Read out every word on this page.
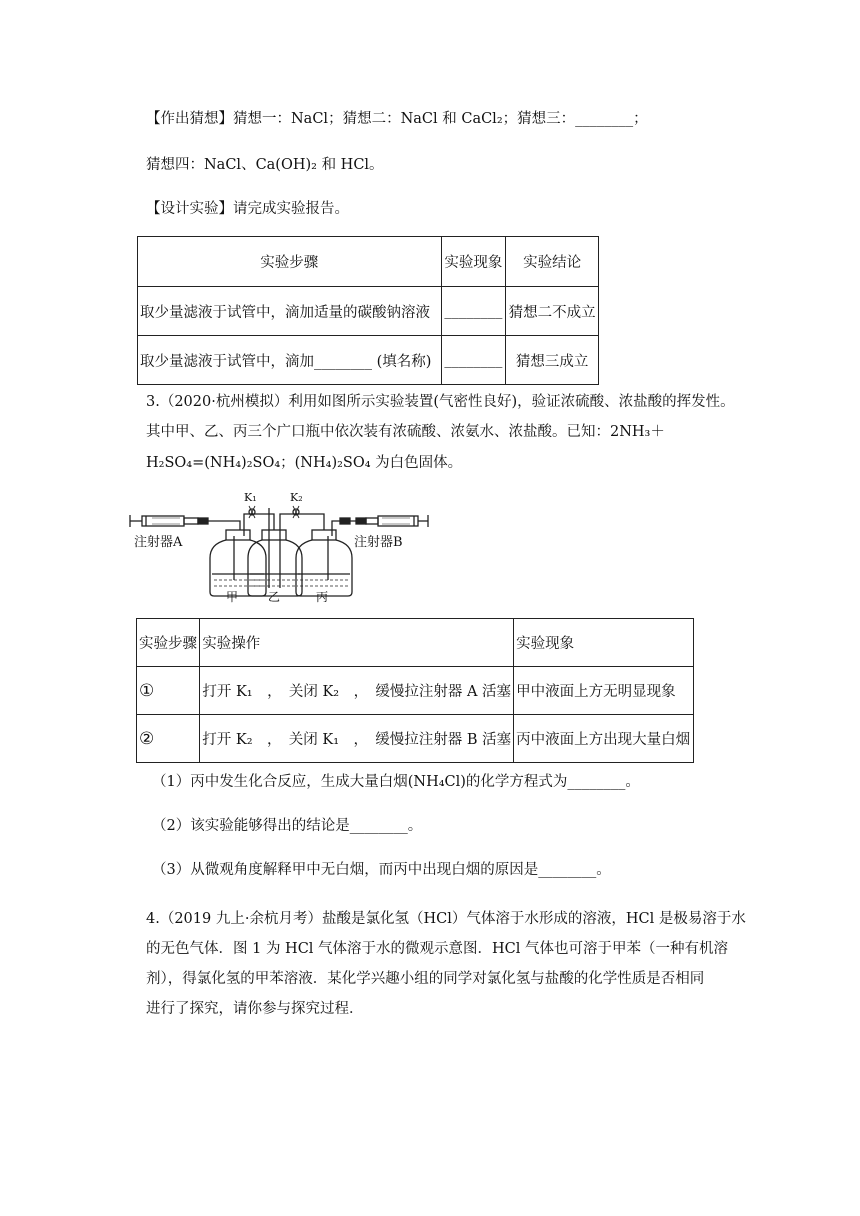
【作出猜想】猜想一：NaCl；猜想二：NaCl 和 CaCl₂；猜想三：________；
猜想四：NaCl、Ca(OH)₂ 和 HCl。
【设计实验】请完成实验报告。
实验步骤	实验现象	实验结论
取少量滤液于试管中，滴加适量的碳酸钠溶液	________	猜想二不成立
取少量滤液于试管中，滴加________ (填名称)	________	猜想三成立
3.（2020·杭州模拟）利用如图所示实验装置(气密性良好)，验证浓硫酸、浓盐酸的挥发性。
其中甲、乙、丙三个广口瓶中依次装有浓硫酸、浓氨水、浓盐酸。已知：2NH₃＋
H₂SO₄=(NH₄)₂SO₄；(NH₄)₂SO₄ 为白色固体。
注射器A	注射器B
K₁	K₂
甲 乙	丙
实验步骤	实验操作	实验现象
①	打开 K₁　，　关闭 K₂　，　缓慢拉注射器 A 活塞	甲中液面上方无明显现象
②	打开 K₂　，　关闭 K₁　，　缓慢拉注射器 B 活塞	丙中液面上方出现大量白烟
（1）丙中发生化合反应，生成大量白烟(NH₄Cl)的化学方程式为________。
（2）该实验能够得出的结论是________。
（3）从微观角度解释甲中无白烟，而丙中出现白烟的原因是________。
4.（2019 九上·余杭月考）盐酸是氯化氢（HCl）气体溶于水形成的溶液，HCl 是极易溶于水
的无色气体．图 1 为 HCl 气体溶于水的微观示意图．HCl 气体也可溶于甲苯（一种有机溶
剂），得氯化氢的甲苯溶液．某化学兴趣小组的同学对氯化氢与盐酸的化学性质是否相同
进行了探究，请你参与探究过程．
